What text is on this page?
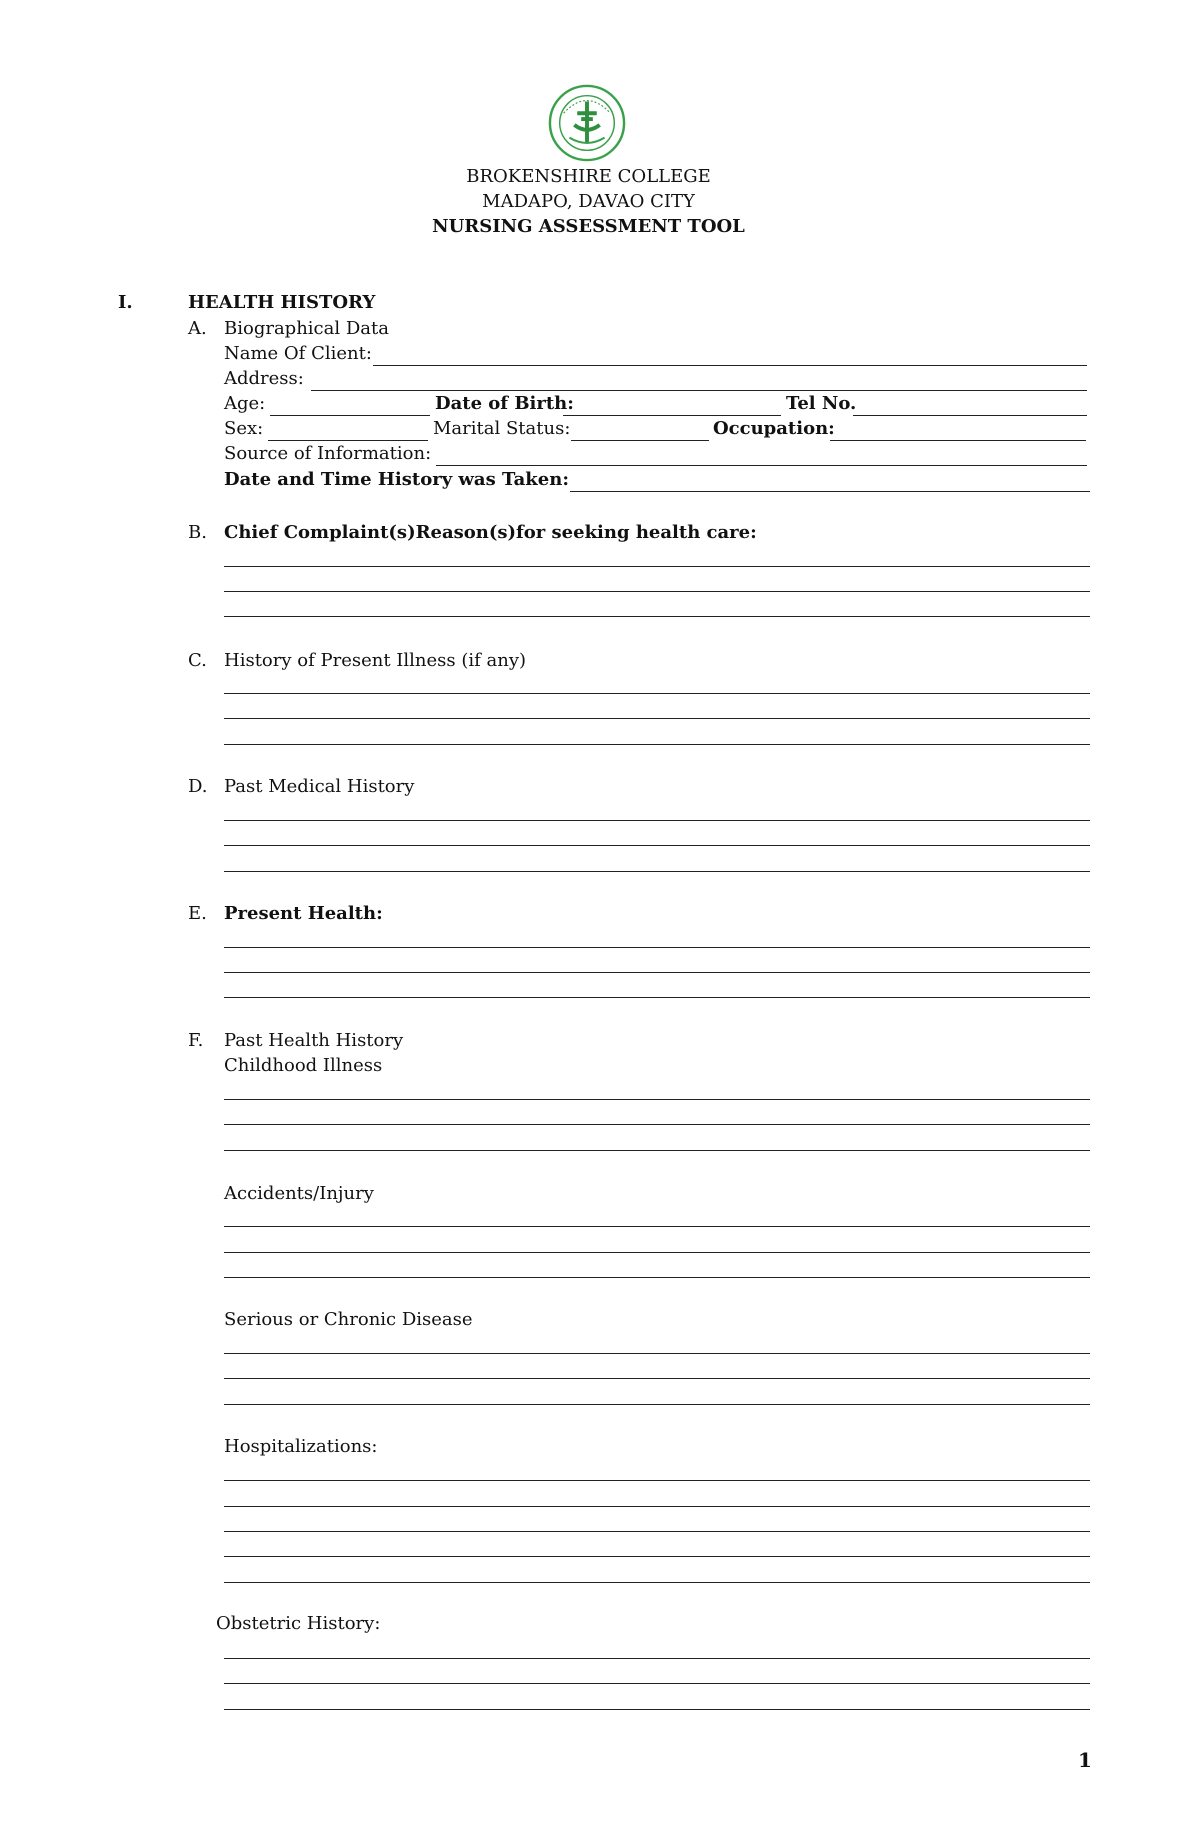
BROKENSHIRE COLLEGE
MADAPO, DAVAO CITY
NURSING ASSESSMENT TOOL
I.	HEALTH HISTORY
A. Biographical Data
Name Of Client:
Address:
Age:	Date of Birth:	Tel No.
Sex:	Marital Status:	Occupation:
Source of Information:
Date and Time History was Taken:
B. Chief Complaint(s)Reason(s)for seeking health care:
C. History of Present Illness (if any)
D. Past Medical History
E. Present Health:
F. Past Health History
Childhood Illness
Accidents/Injury
Serious or Chronic Disease
Hospitalizations:
Obstetric History:
1
